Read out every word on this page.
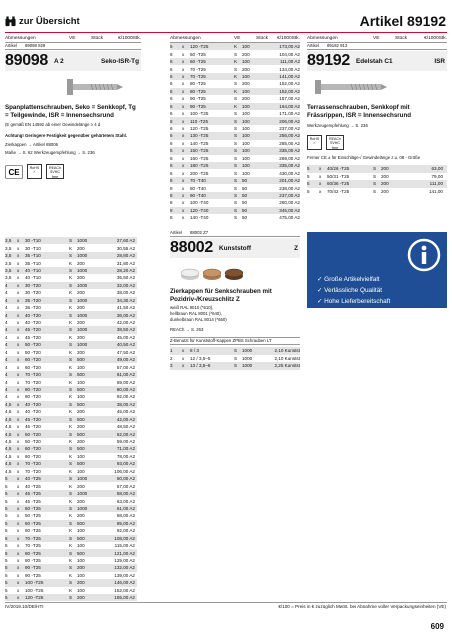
zur Übersicht	Artikel 89192
Abmessungen	VE	Stück	€/1000Stk.
Artikel 89098 929
89098 A 2	Seko-ISR-Tg
Spanplattenschrauben, Seko = Senkkopf, Tg = Teilgewinde, ISR = Innensechsrund
(E gemäß EN 14592 ab einer Gewindelänge ≥ 4 d
Achtung! Geringere Festigkeit gegenüber gehärtetem Stahl.
Zierkappen → Artikel 88006
Maße → S. 62 Werkzeugempfehlung → S. 236
CE	RoHS
✓
REACh SVHC free
3,5	x	30 -T10	S	1000	27,60 A2
3,5	x	30 -T10	K	200	30,55 A2
3,5	x	35 -T10	S	1000	28,80 A2
3,5	x	35 -T10	K	200	31,80 A2
3,5	x	40 -T10	S	1000	28,20 A2
3,5	x	40 -T10	K	200	35,50 A2
4	x	30 -T20	S	1000	32,00 A2
4	x	30 -T20	K	200	38,00 A2
4	x	35 -T20	S	1000	34,30 A2
4	x	35 -T20	K	200	41,50 A2
4	x	40 -T20	S	1000	36,00 A2
4	x	40 -T20	K	200	42,00 A2
4	x	45 -T20	S	1000	38,50 A2
4	x	45 -T20	K	200	45,00 A2
4	x	50 -T20	S	1000	40,50 A2
4	x	50 -T20	K	200	47,50 A2
4	x	60 -T20	S	500	49,00 A2
4	x	60 -T20	K	100	57,00 A2
4	x	70 -T20	S	500	61,00 A2
4	x	70 -T20	K	100	69,00 A2
4	x	80 -T20	S	500	80,00 A2
4	x	80 -T20	K	100	92,00 A2
4,5	x	40 -T20	S	500	38,00 A2
4,5	x	40 -T20	K	200	45,00 A2
4,5	x	45 -T20	S	500	42,00 A2
4,5	x	45 -T20	K	200	48,50 A2
4,5	x	50 -T20	S	500	52,00 A2
4,5	x	50 -T20	K	200	59,00 A2
4,5	x	60 -T20	S	500	71,00 A2
4,5	x	60 -T20	K	100	78,00 A2
4,5	x	70 -T20	S	500	93,00 A2
4,5	x	70 -T20	K	100	106,00 A2
5	x	40 -T25	S	1000	50,00 A2
5	x	40 -T25	K	200	57,00 A2
5	x	45 -T25	S	1000	58,00 A2
5	x	45 -T25	K	200	63,00 A2
5	x	50 -T25	S	1000	61,00 A2
5	x	50 -T25	K	200	68,00 A2
5	x	60 -T25	S	500	85,00 A2
5	x	60 -T25	K	100	92,00 A2
5	x	70 -T25	S	500	108,00 A2
5	x	70 -T25	K	100	115,00 A2
5	x	80 -T25	S	500	121,00 A2
5	x	80 -T25	K	100	129,00 A2
5	x	90 -T25	S	200	132,00 A2
5	x	90 -T25	K	100	139,00 A2
5	x	100 -T25	S	200	146,00 A2
5	x	100 -T25	K	100	152,00 A2
5	x	120 -T25	S	200	165,00 A2
Abmessungen	VE	Stück	€/1000Stk.
5	x	120 -T25	K	100	173,00 A2
6	x	60 -T25	S	200	104,00 A2
6	x	60 -T25	K	100	111,00 A2
6	x	70 -T25	S	200	134,00 A2
6	x	70 -T25	K	100	141,00 A2
6	x	80 -T25	S	200	152,00 A2
6	x	80 -T25	K	100	152,00 A2
6	x	90 -T25	S	200	157,00 A2
6	x	90 -T25	K	100	164,00 A2
6	x	100 -T25	S	100	171,00 A2
6	x	110 -T25	S	100	206,00 A2
6	x	120 -T25	S	100	237,00 A2
6	x	130 -T25	S	100	256,00 A2
6	x	140 -T25	S	100	285,00 A2
6	x	150 -T25	S	100	335,00 A2
6	x	160 -T25	S	100	269,00 A2
6	x	180 -T25	S	100	335,00 A2
6	x	200 -T25	S	100	430,00 A2
8	x	70 -T40	S	50	201,00 A2
8	x	80 -T40	S	50	238,00 A2
8	x	90 -T40	S	50	237,00 A2
8	x	100 -T40	S	50	260,00 A2
8	x	120 -T40	S	50	345,00 A2
8	x	140 -T40	S	50	475,00 A2
Artikel 88002 Z7
88002 Kunststoff	Z
Zierkappen für Senkschrauben mit Pozidriv-/Kreuzschlitz Z
weiß RAL 9010 (*610),
hellbraun RAL 8001 (*640),
dunkelbraun RAL 8014 (*650)
REACh → S. 263
Z-Benutzt für Kunststoff-Kappen ZPBS Schrauben LT
1	x	8 / 3	S	1000	2,10 Kunstst
2	x	12 / 3,5–5	S	1000	2,10 Kunstst
3	x	13 / 3,5–6	S	1000	2,25 Kunstst
Abmessungen	VE	Stück	€/1000Stk.
Artikel 89192 913
89192 Edelstah C1	ISR
Terrassenschrauben, Senkkopf mit Frässrippen, ISR = Innensechsrund
Werkzeugempfehlung → S. 236
RoHS
✓
REACh SVHC free
Ferner CE ± für Einschläge-/ Gewindelänge z.u. 08 - Größe
5	x	40/26 -T25	S	200	63,00
5	x	50/31 -T25	S	200	79,00
5	x	60/36 -T25	S	200	111,00
5	x	70/42 -T25	S	200	141,00
✓ Große Artikelvielfalt
✓ Verlässliche Qualität
✓ Hohe Lieferbereitschaft
IV/2019.10/DE/HTI	€/100 = Preis in € zuzüglich MwSt. bei Abnahme voller Verpackungseinheiten (VE)
609
